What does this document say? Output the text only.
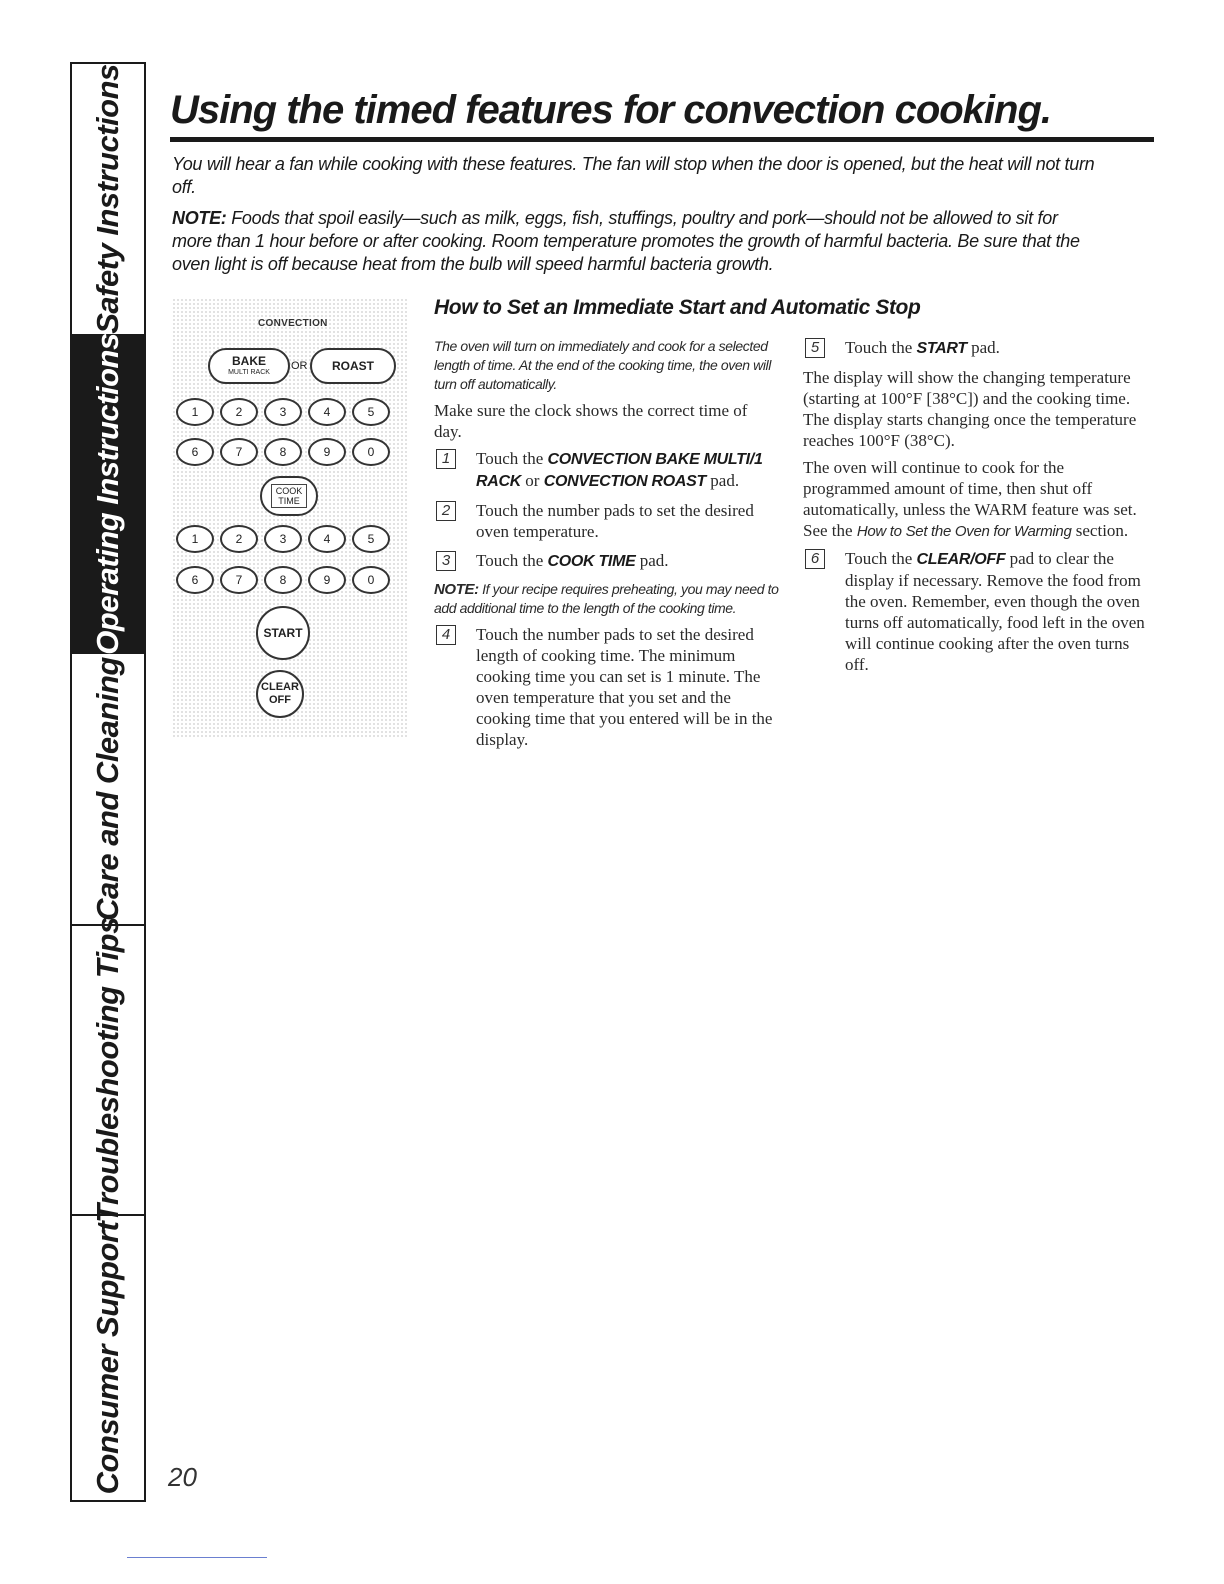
Safety Instructions
Operating Instructions
Care and Cleaning
Troubleshooting Tips
Consumer Support
Using the timed features for convection cooking.

You will hear a fan while cooking with these features. The fan will stop when the door is opened, but the heat will not turn off.

NOTE: Foods that spoil easily—such as milk, eggs, fish, stuffings, poultry and pork—should not be allowed to sit for more than 1 hour before or after cooking. Room temperature promotes the growth of harmful bacteria. Be sure that the oven light is off because heat from the bulb will speed harmful bacteria growth.

CONVECTION
BAKE
MULTI RACK
OR	ROAST
1	2	3	4	5
6	7	8	9	0
COOK
TIME
1	2	3	4	5
6	7	8	9	0
START
CLEAR
OFF
How to Set an Immediate Start and Automatic Stop

The oven will turn on immediately and cook for a selected length of time. At the end of the cooking time, the oven will turn off automatically.

Make sure the clock shows the correct time of day.

1	Touch the CONVECTION BAKE MULTI/1 RACK or CONVECTION ROAST pad.
2	Touch the number pads to set the desired oven temperature.
3	Touch the COOK TIME pad.

NOTE: If your recipe requires preheating, you may need to add additional time to the length of the cooking time.

4	Touch the number pads to set the desired length of cooking time. The minimum cooking time you can set is 1 minute. The oven temperature that you set and the cooking time that you entered will be in the display.
5	Touch the START pad.

The display will show the changing temperature (starting at 100°F [38°C]) and the cooking time. The display starts changing once the temperature reaches 100°F (38°C).

The oven will continue to cook for the programmed amount of time, then shut off automatically, unless the WARM feature was set. See the How to Set the Oven for Warming section.

6	Touch the CLEAR/OFF pad to clear the display if necessary. Remove the food from the oven. Remember, even though the oven turns off automatically, food left in the oven will continue cooking after the oven turns off.
20
